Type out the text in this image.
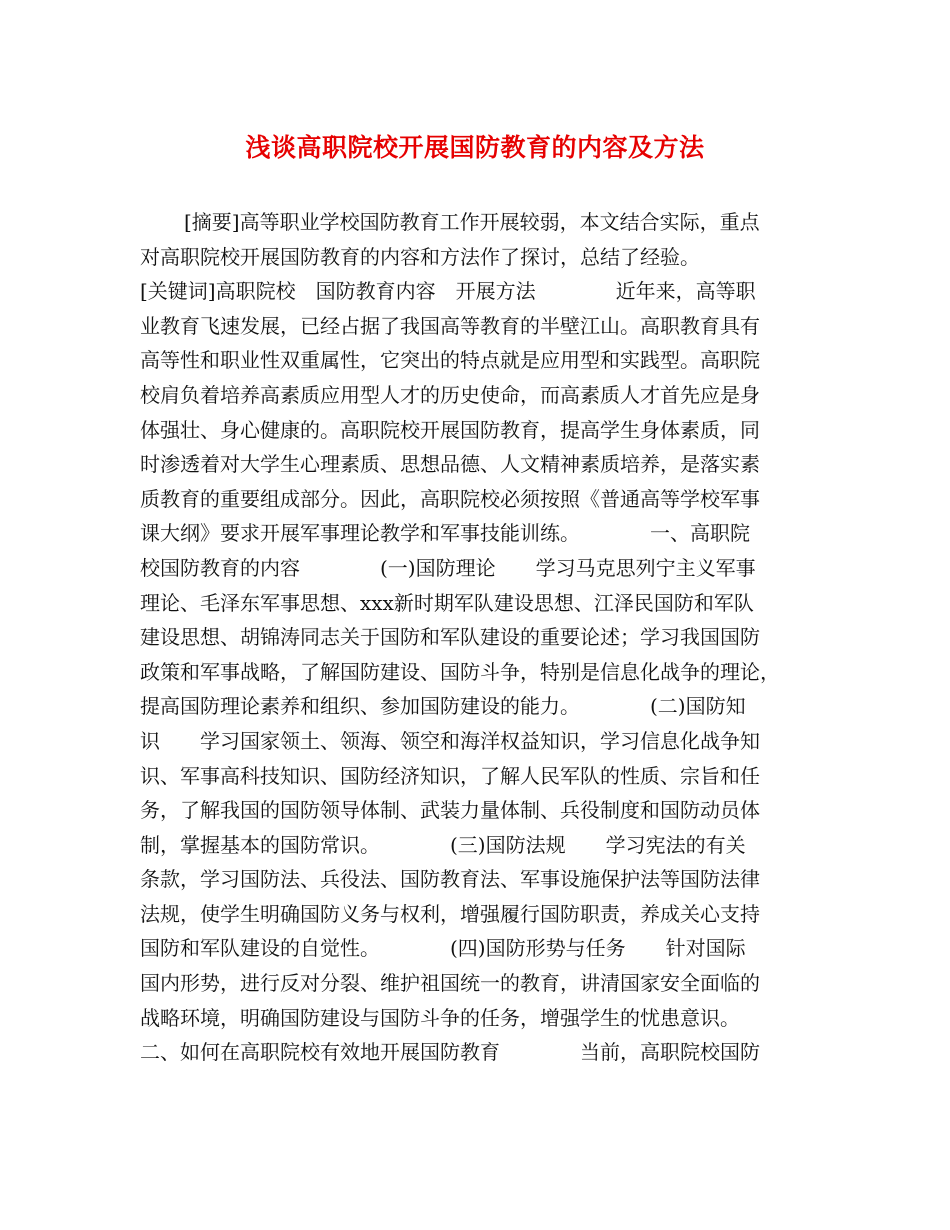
浅谈高职院校开展国防教育的内容及方法
[摘要]高等职业学校国防教育工作开展较弱，本文结合实际，重点
对高职院校开展国防教育的内容和方法作了探讨，总结了经验。
[关键词]高职院校　国防教育内容　开展方法　　　　近年来，高等职
业教育飞速发展，已经占据了我国高等教育的半壁江山。高职教育具有
高等性和职业性双重属性，它突出的特点就是应用型和实践型。高职院
校肩负着培养高素质应用型人才的历史使命，而高素质人才首先应是身
体强壮、身心健康的。高职院校开展国防教育，提高学生身体素质，同
时渗透着对大学生心理素质、思想品德、人文精神素质培养，是落实素
质教育的重要组成部分。因此，高职院校必须按照《普通高等学校军事
课大纲》要求开展军事理论教学和军事技能训练。　　　　一、高职院
校国防教育的内容　　　　(一)国防理论　　学习马克思列宁主义军事
理论、毛泽东军事思想、xxx新时期军队建设思想、江泽民国防和军队
建设思想、胡锦涛同志关于国防和军队建设的重要论述；学习我国国防
政策和军事战略，了解国防建设、国防斗争，特别是信息化战争的理论，
提高国防理论素养和组织、参加国防建设的能力。　　　　(二)国防知
识　　学习国家领土、领海、领空和海洋权益知识，学习信息化战争知
识、军事高科技知识、国防经济知识，了解人民军队的性质、宗旨和任
务，了解我国的国防领导体制、武装力量体制、兵役制度和国防动员体
制，掌握基本的国防常识。　　　　(三)国防法规　　学习宪法的有关
条款，学习国防法、兵役法、国防教育法、军事设施保护法等国防法律
法规，使学生明确国防义务与权利，增强履行国防职责，养成关心支持
国防和军队建设的自觉性。　　　　(四)国防形势与任务　　针对国际
国内形势，进行反对分裂、维护祖国统一的教育，讲清国家安全面临的
战略环境，明确国防建设与国防斗争的任务，增强学生的忧患意识。
二、如何在高职院校有效地开展国防教育　　　　当前，高职院校国防
